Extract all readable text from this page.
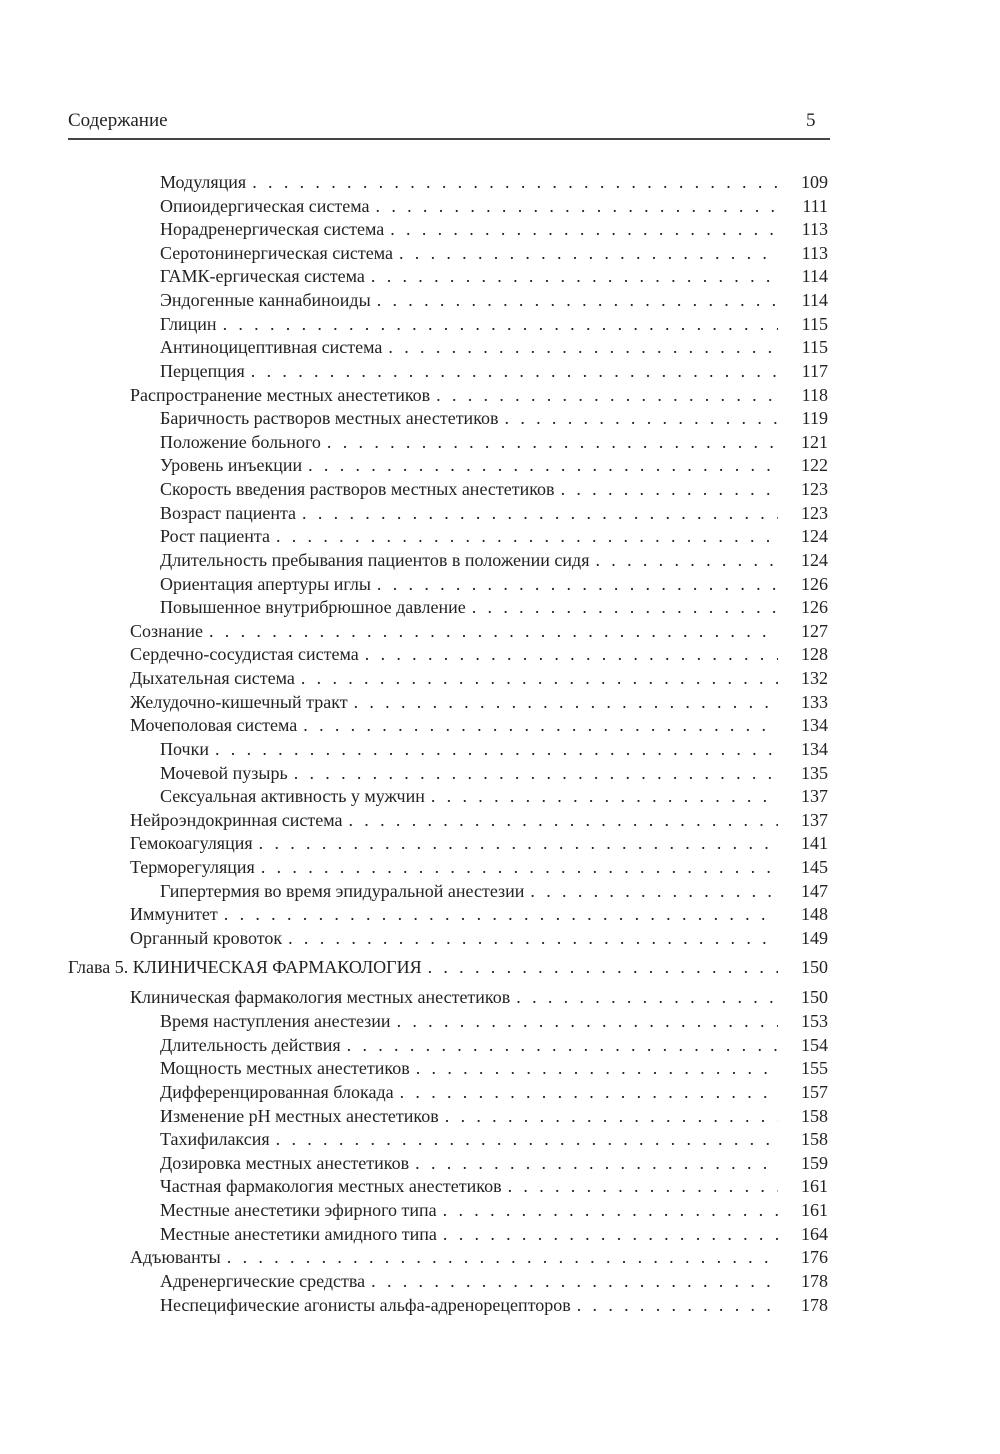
Содержание	5
Модуляция . . .	109
Опиоидергическая система . . .	111
Норадренергическая система . . .	113
Серотонинергическая система . . .	113
ГАМК-ергическая система . . .	114
Эндогенные каннабиноиды . . .	114
Глицин . . .	115
Антиноцицептивная система . . .	115
Перцепция . . .	117
Распространение местных анестетиков . . .	118
Баричность растворов местных анестетиков . . .	119
Положение больного . . .	121
Уровень инъекции . . .	122
Скорость введения растворов местных анестетиков . . .	123
Возраст пациента . . .	123
Рост пациента . . .	124
Длительность пребывания пациентов в положении сидя . . .	124
Ориентация апертуры иглы . . .	126
Повышенное внутрибрюшное давление . . .	126
Сознание . . .	127
Сердечно-сосудистая система . . .	128
Дыхательная система . . .	132
Желудочно-кишечный тракт . . .	133
Мочеполовая система . . .	134
Почки . . .	134
Мочевой пузырь . . .	135
Сексуальная активность у мужчин . . .	137
Нейроэндокринная система . . .	137
Гемокоагуляция . . .	141
Терморегуляция . . .	145
Гипертермия во время эпидуральной анестезии . . .	147
Иммунитет . . .	148
Органный кровоток . . .	149
Глава 5. КЛИНИЧЕСКАЯ ФАРМАКОЛОГИЯ . . .	150
Клиническая фармакология местных анестетиков . . .	150
Время наступления анестезии . . .	153
Длительность действия . . .	154
Мощность местных анестетиков . . .	155
Дифференцированная блокада . . .	157
Изменение pH местных анестетиков . . .	158
Тахифилаксия . . .	158
Дозировка местных анестетиков . . .	159
Частная фармакология местных анестетиков . . .	161
Местные анестетики эфирного типа . . .	161
Местные анестетики амидного типа . . .	164
Адъюванты . . .	176
Адренергические средства . . .	178
Неспецифические агонисты альфа-адренорецепторов . . .	178
